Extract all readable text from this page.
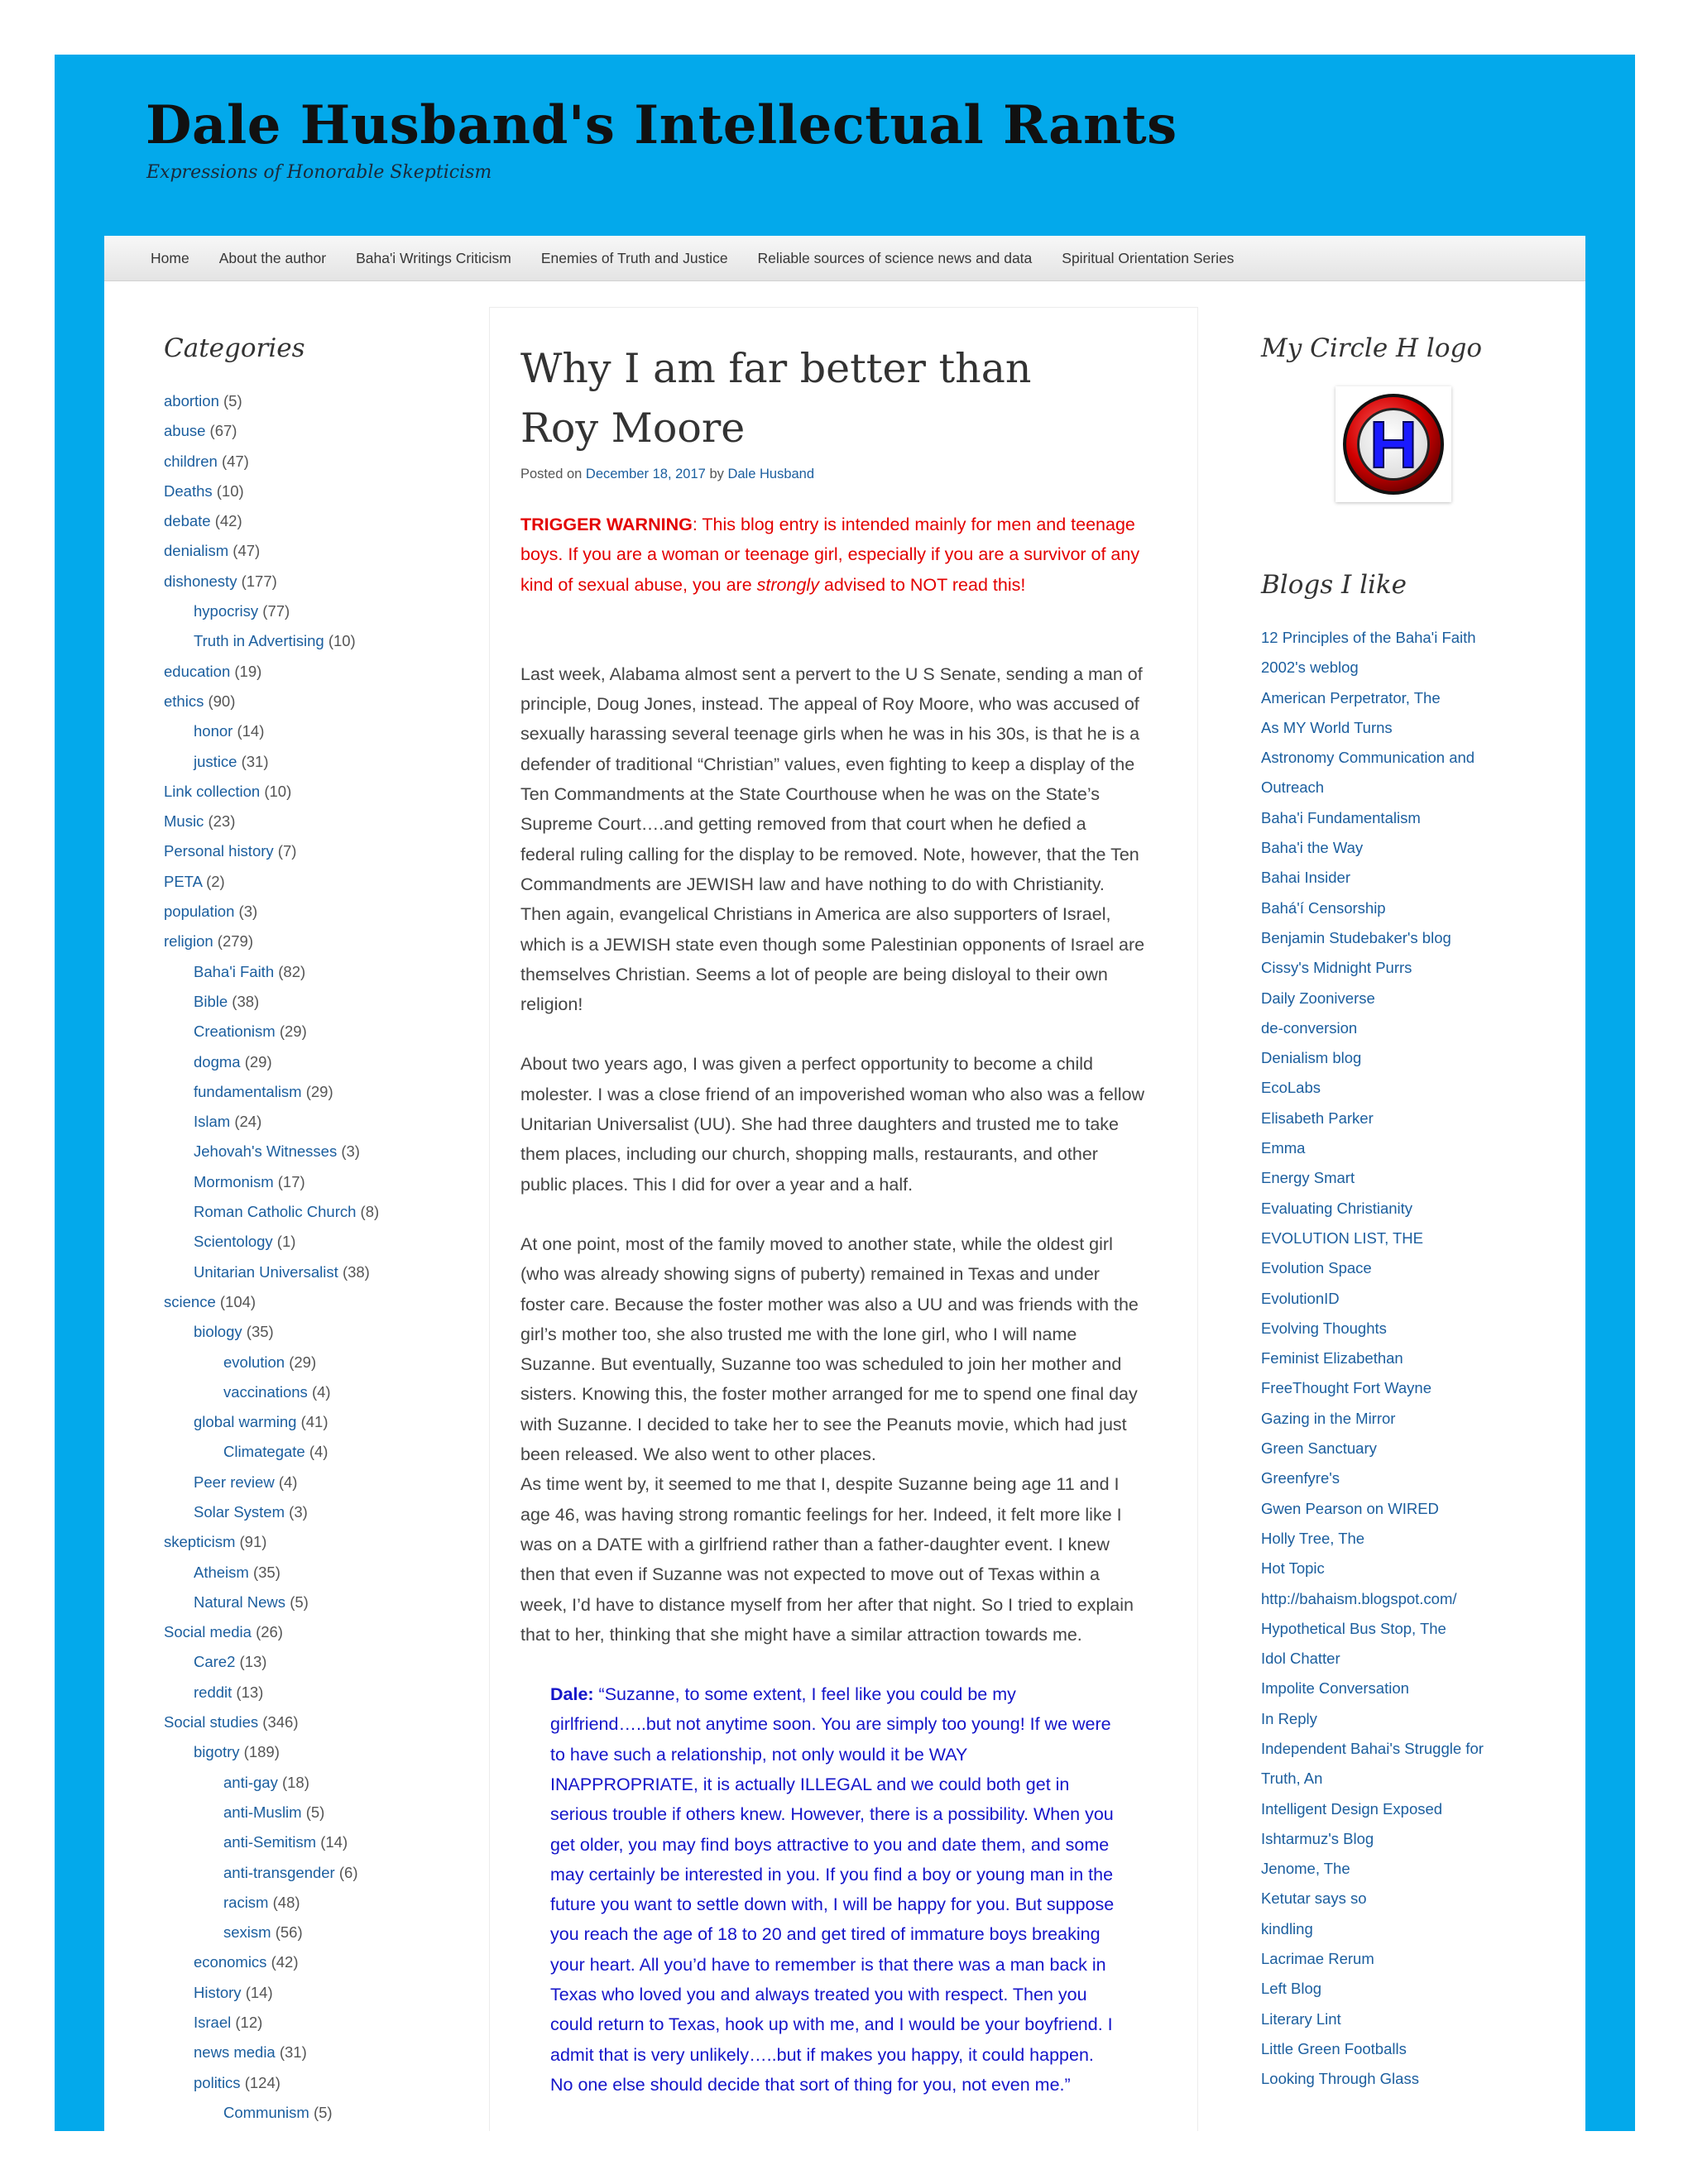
Dale Husband's Intellectual Rants

Expressions of Honorable Skepticism

Home	About the author	Baha'i Writings Criticism	Enemies of Truth and Justice	Reliable sources of science news and data	Spiritual Orientation Series
Categories
abortion (5)
abuse (67)
children (47)
Deaths (10)
debate (42)
denialism (47)
dishonesty (177)
hypocrisy (77)
Truth in Advertising (10)
education (19)
ethics (90)
honor (14)
justice (31)
Link collection (10)
Music (23)
Personal history (7)
PETA (2)
population (3)
religion (279)
Baha'i Faith (82)
Bible (38)
Creationism (29)
dogma (29)
fundamentalism (29)
Islam (24)
Jehovah's Witnesses (3)
Mormonism (17)
Roman Catholic Church (8)
Scientology (1)
Unitarian Universalist (38)
science (104)
biology (35)
evolution (29)
vaccinations (4)
global warming (41)
Climategate (4)
Peer review (4)
Solar System (3)
skepticism (91)
Atheism (35)
Natural News (5)
Social media (26)
Care2 (13)
reddit (13)
Social studies (346)
bigotry (189)
anti-gay (18)
anti-Muslim (5)
anti-Semitism (14)
anti-transgender (6)
racism (48)
sexism (56)
economics (42)
History (14)
Israel (12)
news media (31)
politics (124)
Communism (5)
Why I am far better than
Roy Moore
Posted on December 18, 2017 by Dale Husband

TRIGGER WARNING: This blog entry is intended mainly for men and teenage
boys. If you are a woman or teenage girl, especially if you are a survivor of any
kind of sexual abuse, you are strongly advised to NOT read this!

Last week, Alabama almost sent a pervert to the U S Senate, sending a man of
principle, Doug Jones, instead. The appeal of Roy Moore, who was accused of
sexually harassing several teenage girls when he was in his 30s, is that he is a
defender of traditional “Christian” values, even fighting to keep a display of the
Ten Commandments at the State Courthouse when he was on the State’s
Supreme Court….and getting removed from that court when he defied a
federal ruling calling for the display to be removed. Note, however, that the Ten
Commandments are JEWISH law and have nothing to do with Christianity.
Then again, evangelical Christians in America are also supporters of Israel,
which is a JEWISH state even though some Palestinian opponents of Israel are
themselves Christian. Seems a lot of people are being disloyal to their own
religion!

About two years ago, I was given a perfect opportunity to become a child
molester. I was a close friend of an impoverished woman who also was a fellow
Unitarian Universalist (UU). She had three daughters and trusted me to take
them places, including our church, shopping malls, restaurants, and other
public places. This I did for over a year and a half.

At one point, most of the family moved to another state, while the oldest girl
(who was already showing signs of puberty) remained in Texas and under
foster care. Because the foster mother was also a UU and was friends with the
girl’s mother too, she also trusted me with the lone girl, who I will name
Suzanne. But eventually, Suzanne too was scheduled to join her mother and
sisters. Knowing this, the foster mother arranged for me to spend one final day
with Suzanne. I decided to take her to see the Peanuts movie, which had just
been released. We also went to other places.
As time went by, it seemed to me that I, despite Suzanne being age 11 and I
age 46, was having strong romantic feelings for her. Indeed, it felt more like I
was on a DATE with a girlfriend rather than a father-daughter event. I knew
then that even if Suzanne was not expected to move out of Texas within a
week, I’d have to distance myself from her after that night. So I tried to explain
that to her, thinking that she might have a similar attraction towards me.

Dale: “Suzanne, to some extent, I feel like you could be my
girlfriend…..but not anytime soon. You are simply too young! If we were
to have such a relationship, not only would it be WAY
INAPPROPRIATE, it is actually ILLEGAL and we could both get in
serious trouble if others knew. However, there is a possibility. When you
get older, you may find boys attractive to you and date them, and some
may certainly be interested in you. If you find a boy or young man in the
future you want to settle down with, I will be happy for you. But suppose
you reach the age of 18 to 20 and get tired of immature boys breaking
your heart. All you’d have to remember is that there was a man back in
Texas who loved you and always treated you with respect. Then you
could return to Texas, hook up with me, and I would be your boyfriend. I
admit that is very unlikely…..but if makes you happy, it could happen.
No one else should decide that sort of thing for you, not even me.”

My Circle H logo
H
Blogs I like
12 Principles of the Baha'i Faith
2002's weblog
American Perpetrator, The
As MY World Turns
Astronomy Communication and
Outreach
Baha'i Fundamentalism
Baha'i the Way
Bahai Insider
Bahá'í Censorship
Benjamin Studebaker's blog
Cissy's Midnight Purrs
Daily Zooniverse
de-conversion
Denialism blog
EcoLabs
Elisabeth Parker
Emma
Energy Smart
Evaluating Christianity
EVOLUTION LIST, THE
Evolution Space
EvolutionID
Evolving Thoughts
Feminist Elizabethan
FreeThought Fort Wayne
Gazing in the Mirror
Green Sanctuary
Greenfyre's
Gwen Pearson on WIRED
Holly Tree, The
Hot Topic
http://bahaism.blogspot.com/
Hypothetical Bus Stop, The
Idol Chatter
Impolite Conversation
In Reply
Independent Bahai's Struggle for
Truth, An
Intelligent Design Exposed
Ishtarmuz's Blog
Jenome, The
Ketutar says so
kindling
Lacrimae Rerum
Left Blog
Literary Lint
Little Green Footballs
Looking Through Glass
